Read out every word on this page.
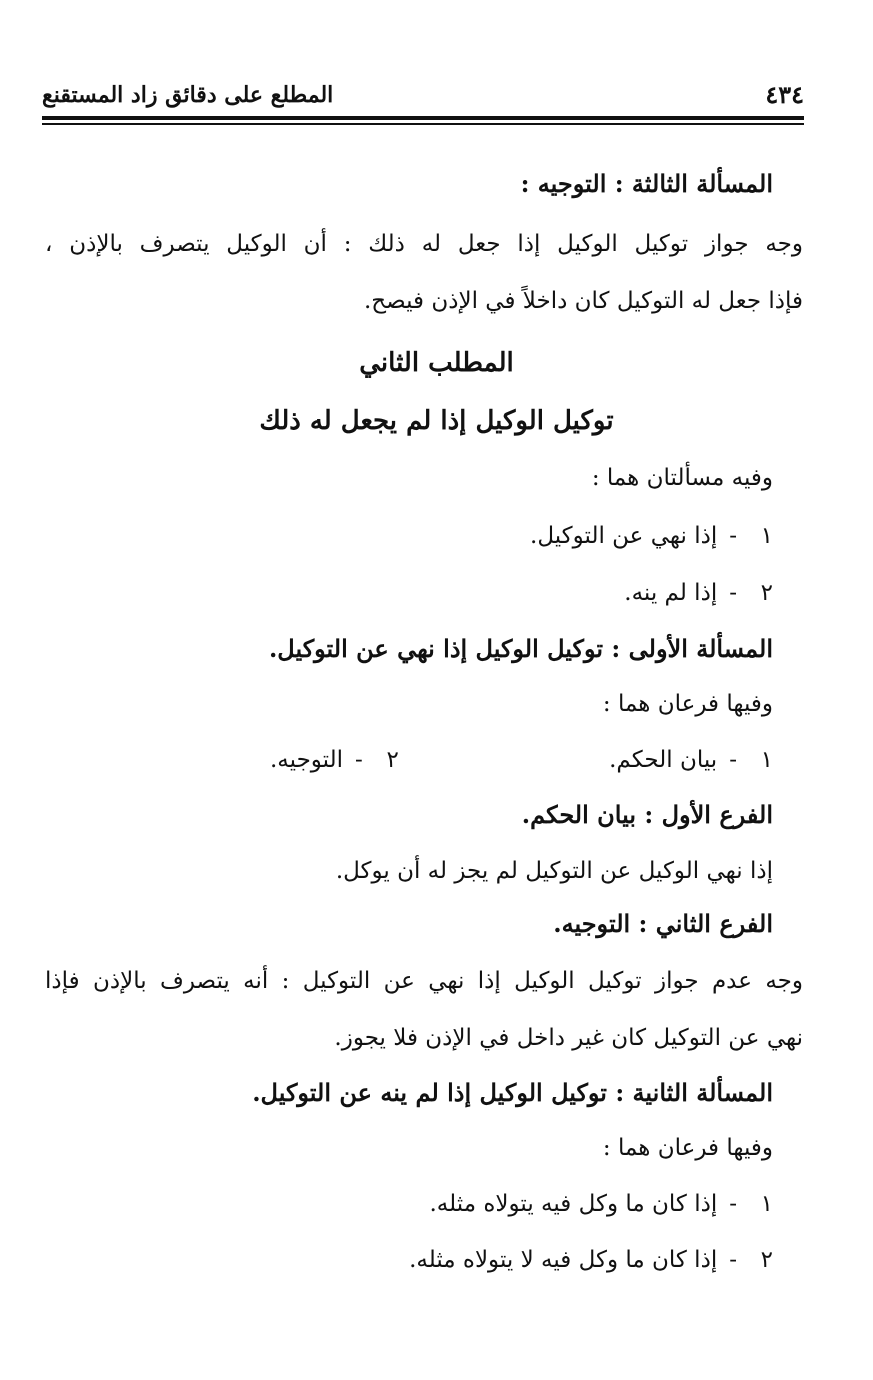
٤٣٤
المطلع على دقائق زاد المستقنع
المسألة الثالثة : التوجيه :
وجه جواز توكيل الوكيل إذا جعل له ذلك : أن الوكيل يتصرف بالإذن ،
فإذا جعل له التوكيل كان داخلاً في الإذن فيصح.
المطلب الثاني
توكيل الوكيل إذا لم يجعل له ذلك
وفيه مسألتان هما :
١-إذا نهي عن التوكيل.
٢-إذا لم ينه.
المسألة الأولى : توكيل الوكيل إذا نهي عن التوكيل.
وفيها فرعان هما :
١-بيان الحكم.
٢-التوجيه.
الفرع الأول : بيان الحكم.
إذا نهي الوكيل عن التوكيل لم يجز له أن يوكل.
الفرع الثاني : التوجيه.
وجه عدم جواز توكيل الوكيل إذا نهي عن التوكيل : أنه يتصرف بالإذن فإذا
نهي عن التوكيل كان غير داخل في الإذن فلا يجوز.
المسألة الثانية : توكيل الوكيل إذا لم ينه عن التوكيل.
وفيها فرعان هما :
١-إذا كان ما وكل فيه يتولاه مثله.
٢-إذا كان ما وكل فيه لا يتولاه مثله.
